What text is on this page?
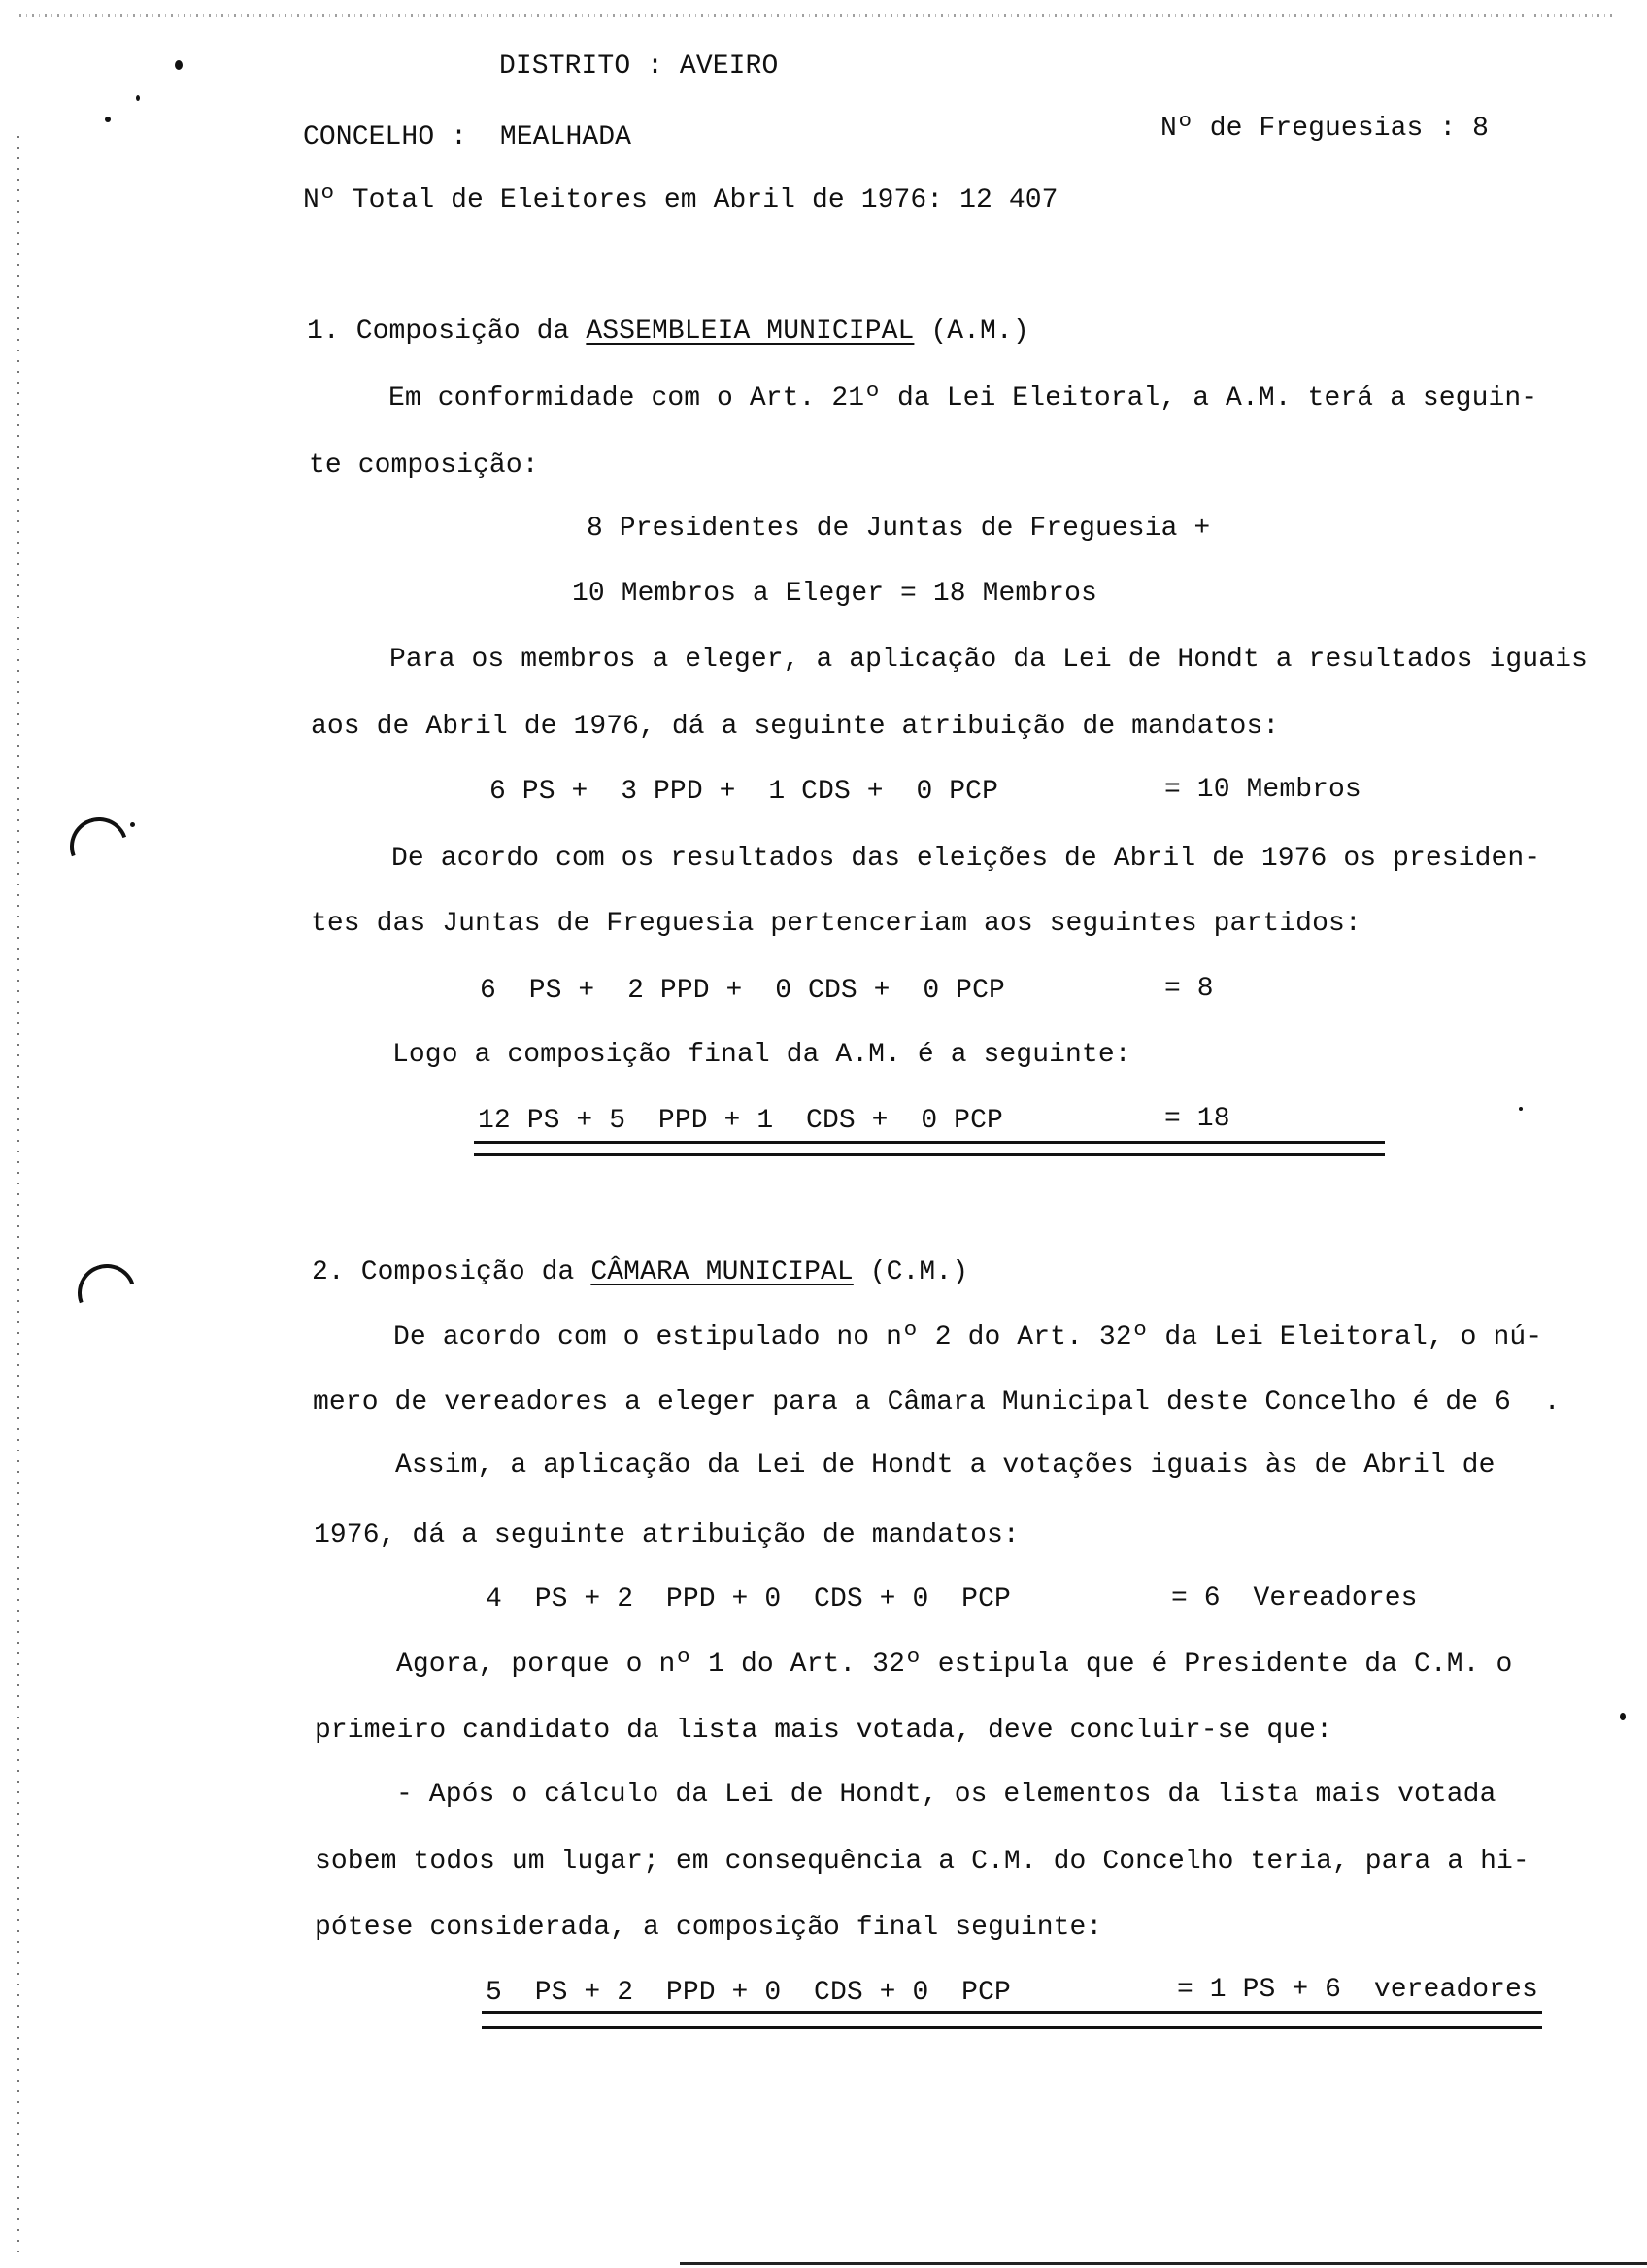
DISTRITO : AVEIRO
CONCELHO :  MEALHADA	Nº de Freguesias : 8
Nº Total de Eleitores em Abril de 1976: 12 407
1. Composição da ASSEMBLEIA MUNICIPAL (A.M.)
Em conformidade com o Art. 21º da Lei Eleitoral, a A.M. terá a seguin-
te composição:
8 Presidentes de Juntas de Freguesia +
10 Membros a Eleger = 18 Membros
Para os membros a eleger, a aplicação da Lei de Hondt a resultados iguais
aos de Abril de 1976, dá a seguinte atribuição de mandatos:
6 PS +  3 PPD +  1 CDS +  0 PCP	= 10 Membros
De acordo com os resultados das eleições de Abril de 1976 os presiden-
tes das Juntas de Freguesia pertenceriam aos seguintes partidos:
6  PS +  2 PPD +  0 CDS +  0 PCP	= 8
Logo a composição final da A.M. é a seguinte:
12 PS + 5  PPD + 1  CDS +  0 PCP	= 18
2. Composição da CÂMARA MUNICIPAL (C.M.)
De acordo com o estipulado no nº 2 do Art. 32º da Lei Eleitoral, o nú-
mero de vereadores a eleger para a Câmara Municipal deste Concelho é de 6  .
Assim, a aplicação da Lei de Hondt a votações iguais às de Abril de
1976, dá a seguinte atribuição de mandatos:
4  PS + 2  PPD + 0  CDS + 0  PCP	= 6  Vereadores
Agora, porque o nº 1 do Art. 32º estipula que é Presidente da C.M. o
primeiro candidato da lista mais votada, deve concluir-se que:
- Após o cálculo da Lei de Hondt, os elementos da lista mais votada
sobem todos um lugar; em consequência a C.M. do Concelho teria, para a hi-
pótese considerada, a composição final seguinte:
5  PS + 2  PPD + 0  CDS + 0  PCP	= 1 PS + 6  vereadores
